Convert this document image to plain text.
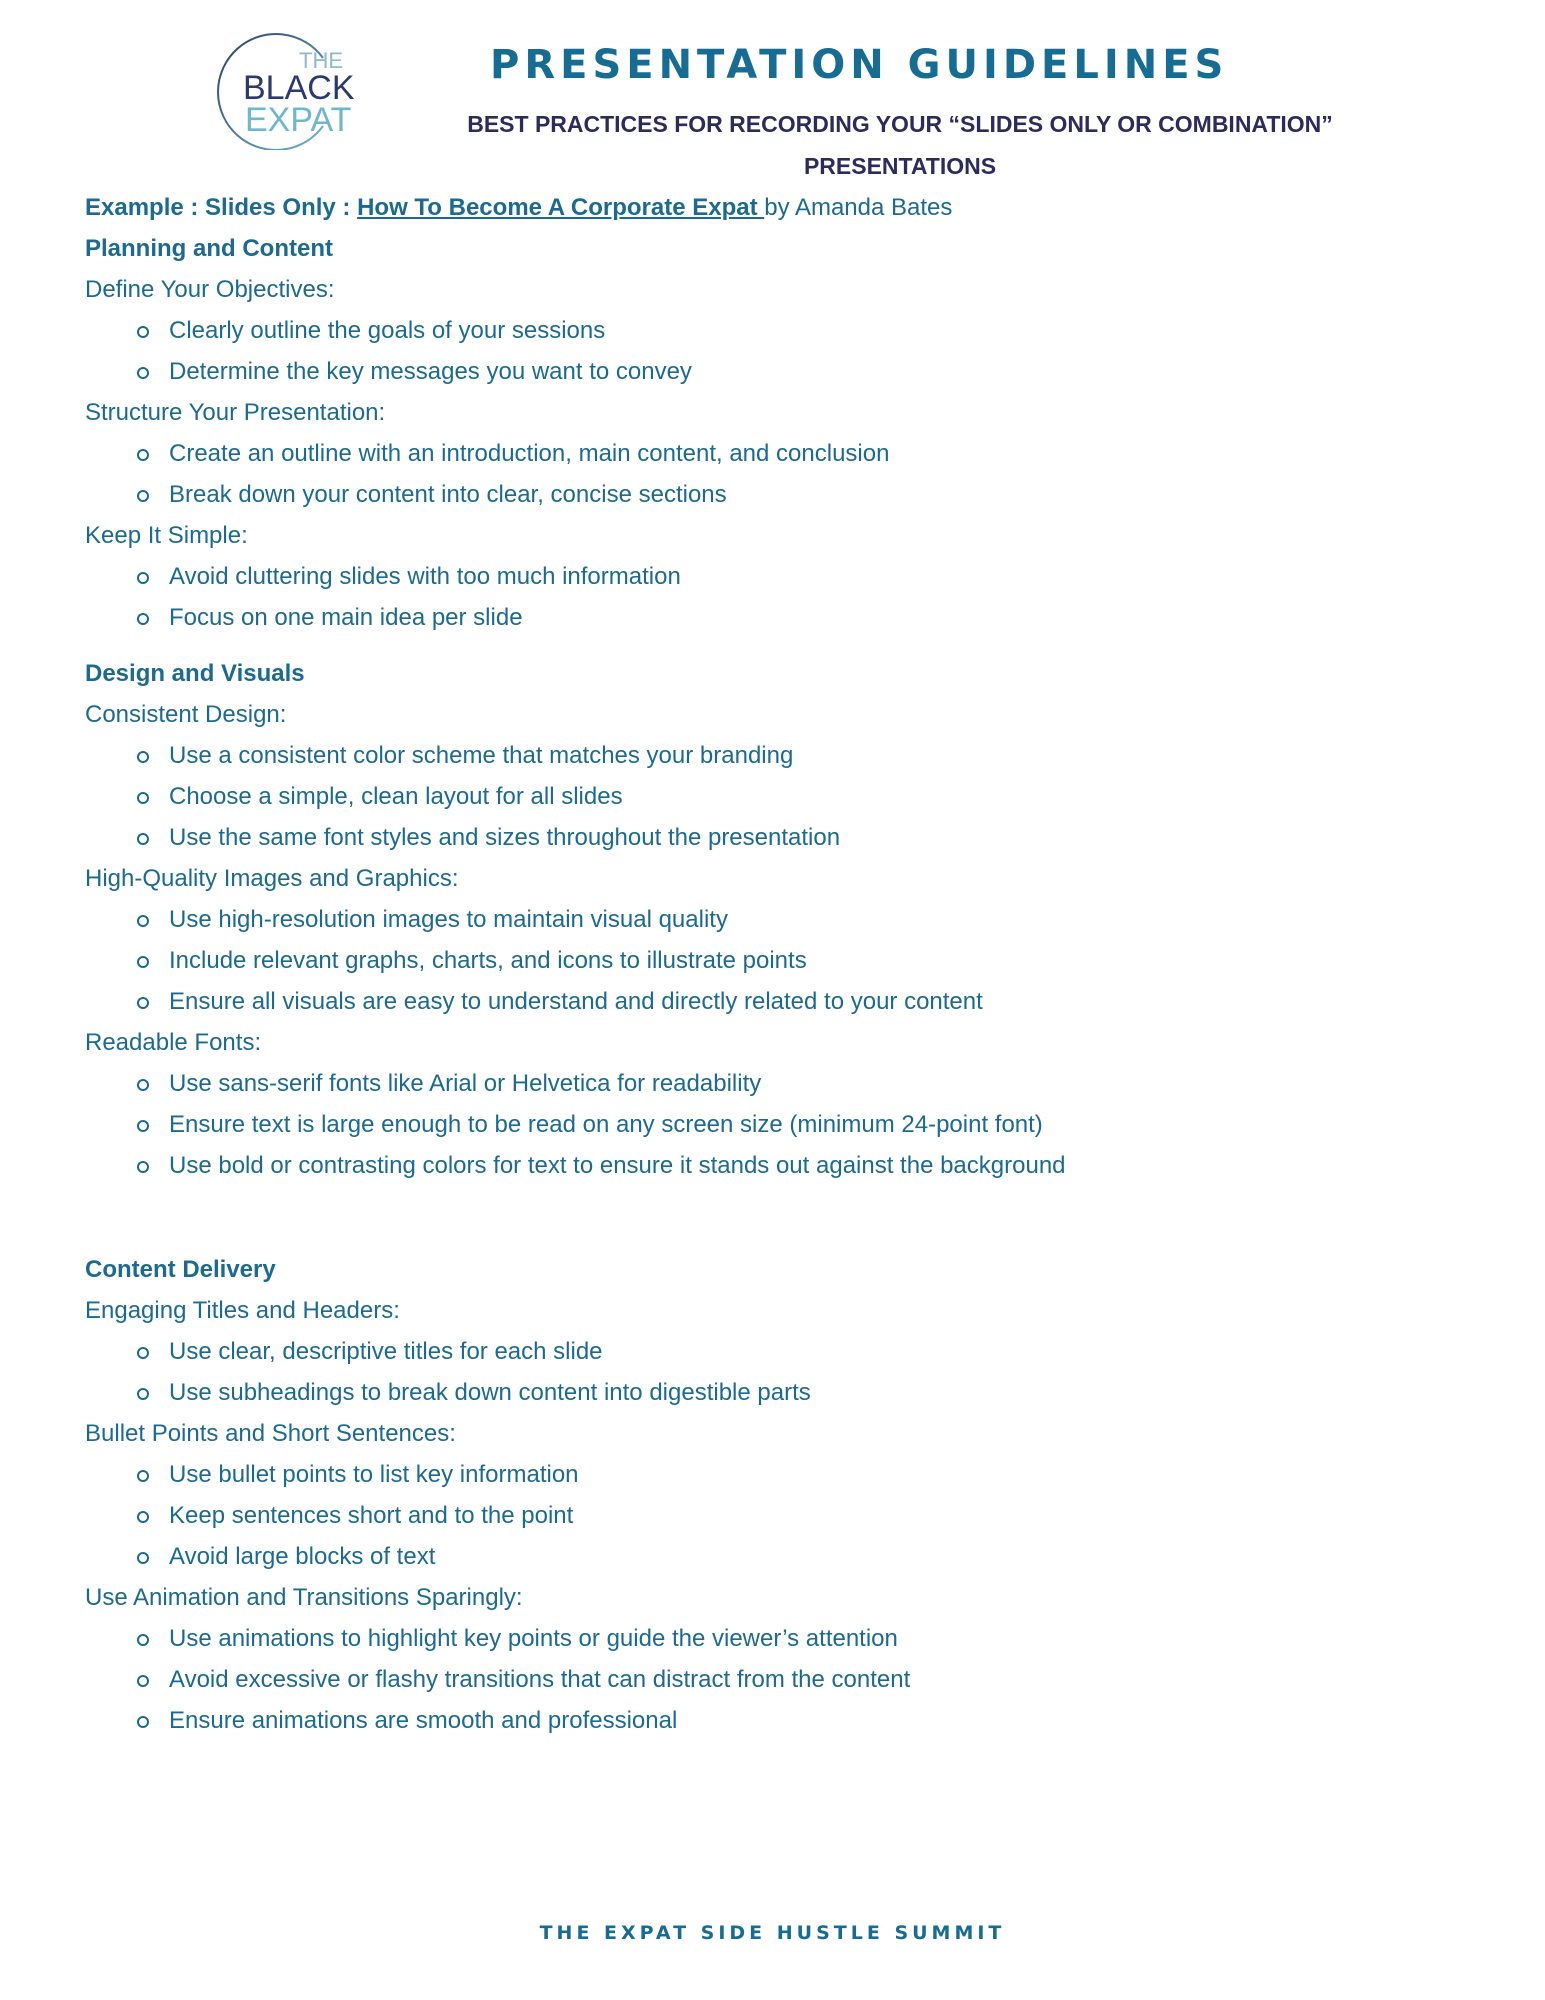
THE
BLACK
EXPAT
PRESENTATION GUIDELINES
BEST PRACTICES FOR RECORDING YOUR “SLIDES ONLY OR COMBINATION”
PRESENTATIONS
Example : Slides Only : How To Become A Corporate Expat by Amanda Bates
Planning and Content
Define Your Objectives:
Clearly outline the goals of your sessions
Determine the key messages you want to convey
Structure Your Presentation:
Create an outline with an introduction, main content, and conclusion
Break down your content into clear, concise sections
Keep It Simple:
Avoid cluttering slides with too much information
Focus on one main idea per slide
Design and Visuals
Consistent Design:
Use a consistent color scheme that matches your branding
Choose a simple, clean layout for all slides
Use the same font styles and sizes throughout the presentation
High-Quality Images and Graphics:
Use high-resolution images to maintain visual quality
Include relevant graphs, charts, and icons to illustrate points
Ensure all visuals are easy to understand and directly related to your content
Readable Fonts:
Use sans-serif fonts like Arial or Helvetica for readability
Ensure text is large enough to be read on any screen size (minimum 24-point font)
Use bold or contrasting colors for text to ensure it stands out against the background
Content Delivery
Engaging Titles and Headers:
Use clear, descriptive titles for each slide
Use subheadings to break down content into digestible parts
Bullet Points and Short Sentences:
Use bullet points to list key information
Keep sentences short and to the point
Avoid large blocks of text
Use Animation and Transitions Sparingly:
Use animations to highlight key points or guide the viewer’s attention
Avoid excessive or flashy transitions that can distract from the content
Ensure animations are smooth and professional
THE EXPAT SIDE HUSTLE SUMMIT
